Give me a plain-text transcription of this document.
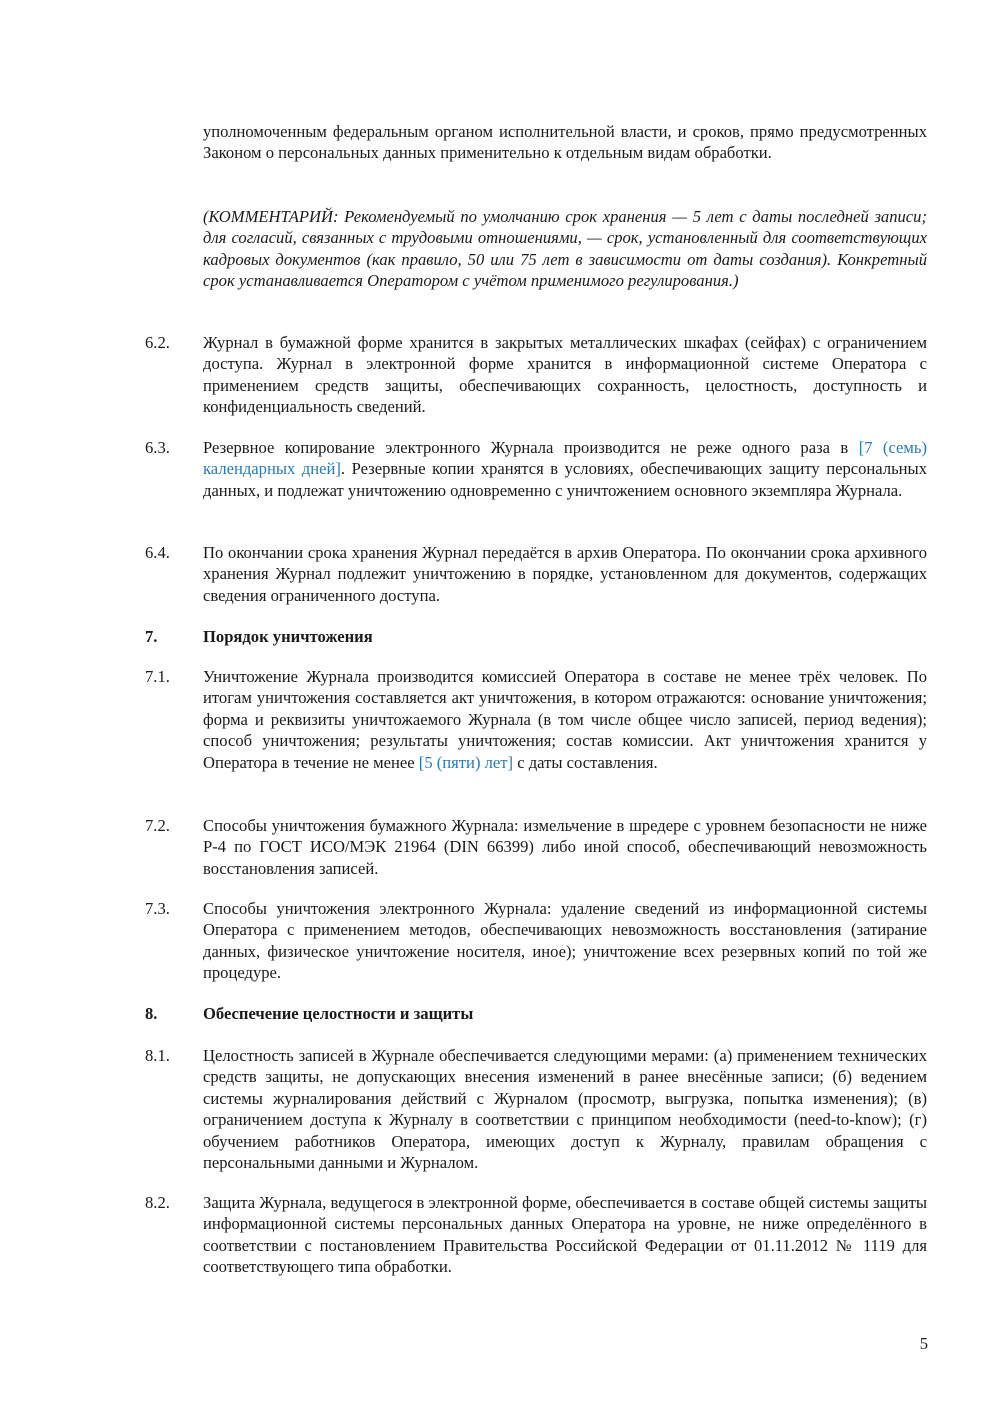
уполномоченным федеральным органом исполнительной власти, и сроков, прямо предусмотренных Законом о персональных данных применительно к отдельным видам обработки.
(КОММЕНТАРИЙ: Рекомендуемый по умолчанию срок хранения — 5 лет с даты последней записи; для согласий, связанных с трудовыми отношениями, — срок, установленный для соответствующих кадровых документов (как правило, 50 или 75 лет в зависимости от даты создания). Конкретный срок устанавливается Оператором с учётом применимого регулирования.)
6.2.	Журнал в бумажной форме хранится в закрытых металлических шкафах (сейфах) с ограничением доступа. Журнал в электронной форме хранится в информационной системе Оператора с применением средств защиты, обеспечивающих сохранность, целостность, доступность и конфиденциальность сведений.
6.3.	Резервное копирование электронного Журнала производится не реже одного раза в [7 (семь) календарных дней]. Резервные копии хранятся в условиях, обеспечивающих защиту персональных данных, и подлежат уничтожению одновременно с уничтожением основного экземпляра Журнала.
6.4.	По окончании срока хранения Журнал передаётся в архив Оператора. По окончании срока архивного хранения Журнал подлежит уничтожению в порядке, установленном для документов, содержащих сведения ограниченного доступа.
7.	Порядок уничтожения
7.1.	Уничтожение Журнала производится комиссией Оператора в составе не менее трёх человек. По итогам уничтожения составляется акт уничтожения, в котором отражаются: основание уничтожения; форма и реквизиты уничтожаемого Журнала (в том числе общее число записей, период ведения); способ уничтожения; результаты уничтожения; состав комиссии. Акт уничтожения хранится у Оператора в течение не менее [5 (пяти) лет] с даты составления.
7.2.	Способы уничтожения бумажного Журнала: измельчение в шредере с уровнем безопасности не ниже Р-4 по ГОСТ ИСО/МЭК 21964 (DIN 66399) либо иной способ, обеспечивающий невозможность восстановления записей.
7.3.	Способы уничтожения электронного Журнала: удаление сведений из информационной системы Оператора с применением методов, обеспечивающих невозможность восстановления (затирание данных, физическое уничтожение носителя, иное); уничтожение всех резервных копий по той же процедуре.
8.	Обеспечение целостности и защиты
8.1.	Целостность записей в Журнале обеспечивается следующими мерами: (а) применением технических средств защиты, не допускающих внесения изменений в ранее внесённые записи; (б) ведением системы журналирования действий с Журналом (просмотр, выгрузка, попытка изменения); (в) ограничением доступа к Журналу в соответствии с принципом необходимости (need-to-know); (г) обучением работников Оператора, имеющих доступ к Журналу, правилам обращения с персональными данными и Журналом.
8.2.	Защита Журнала, ведущегося в электронной форме, обеспечивается в составе общей системы защиты информационной системы персональных данных Оператора на уровне, не ниже определённого в соответствии с постановлением Правительства Российской Федерации от 01.11.2012 № 1119 для соответствующего типа обработки.
5
